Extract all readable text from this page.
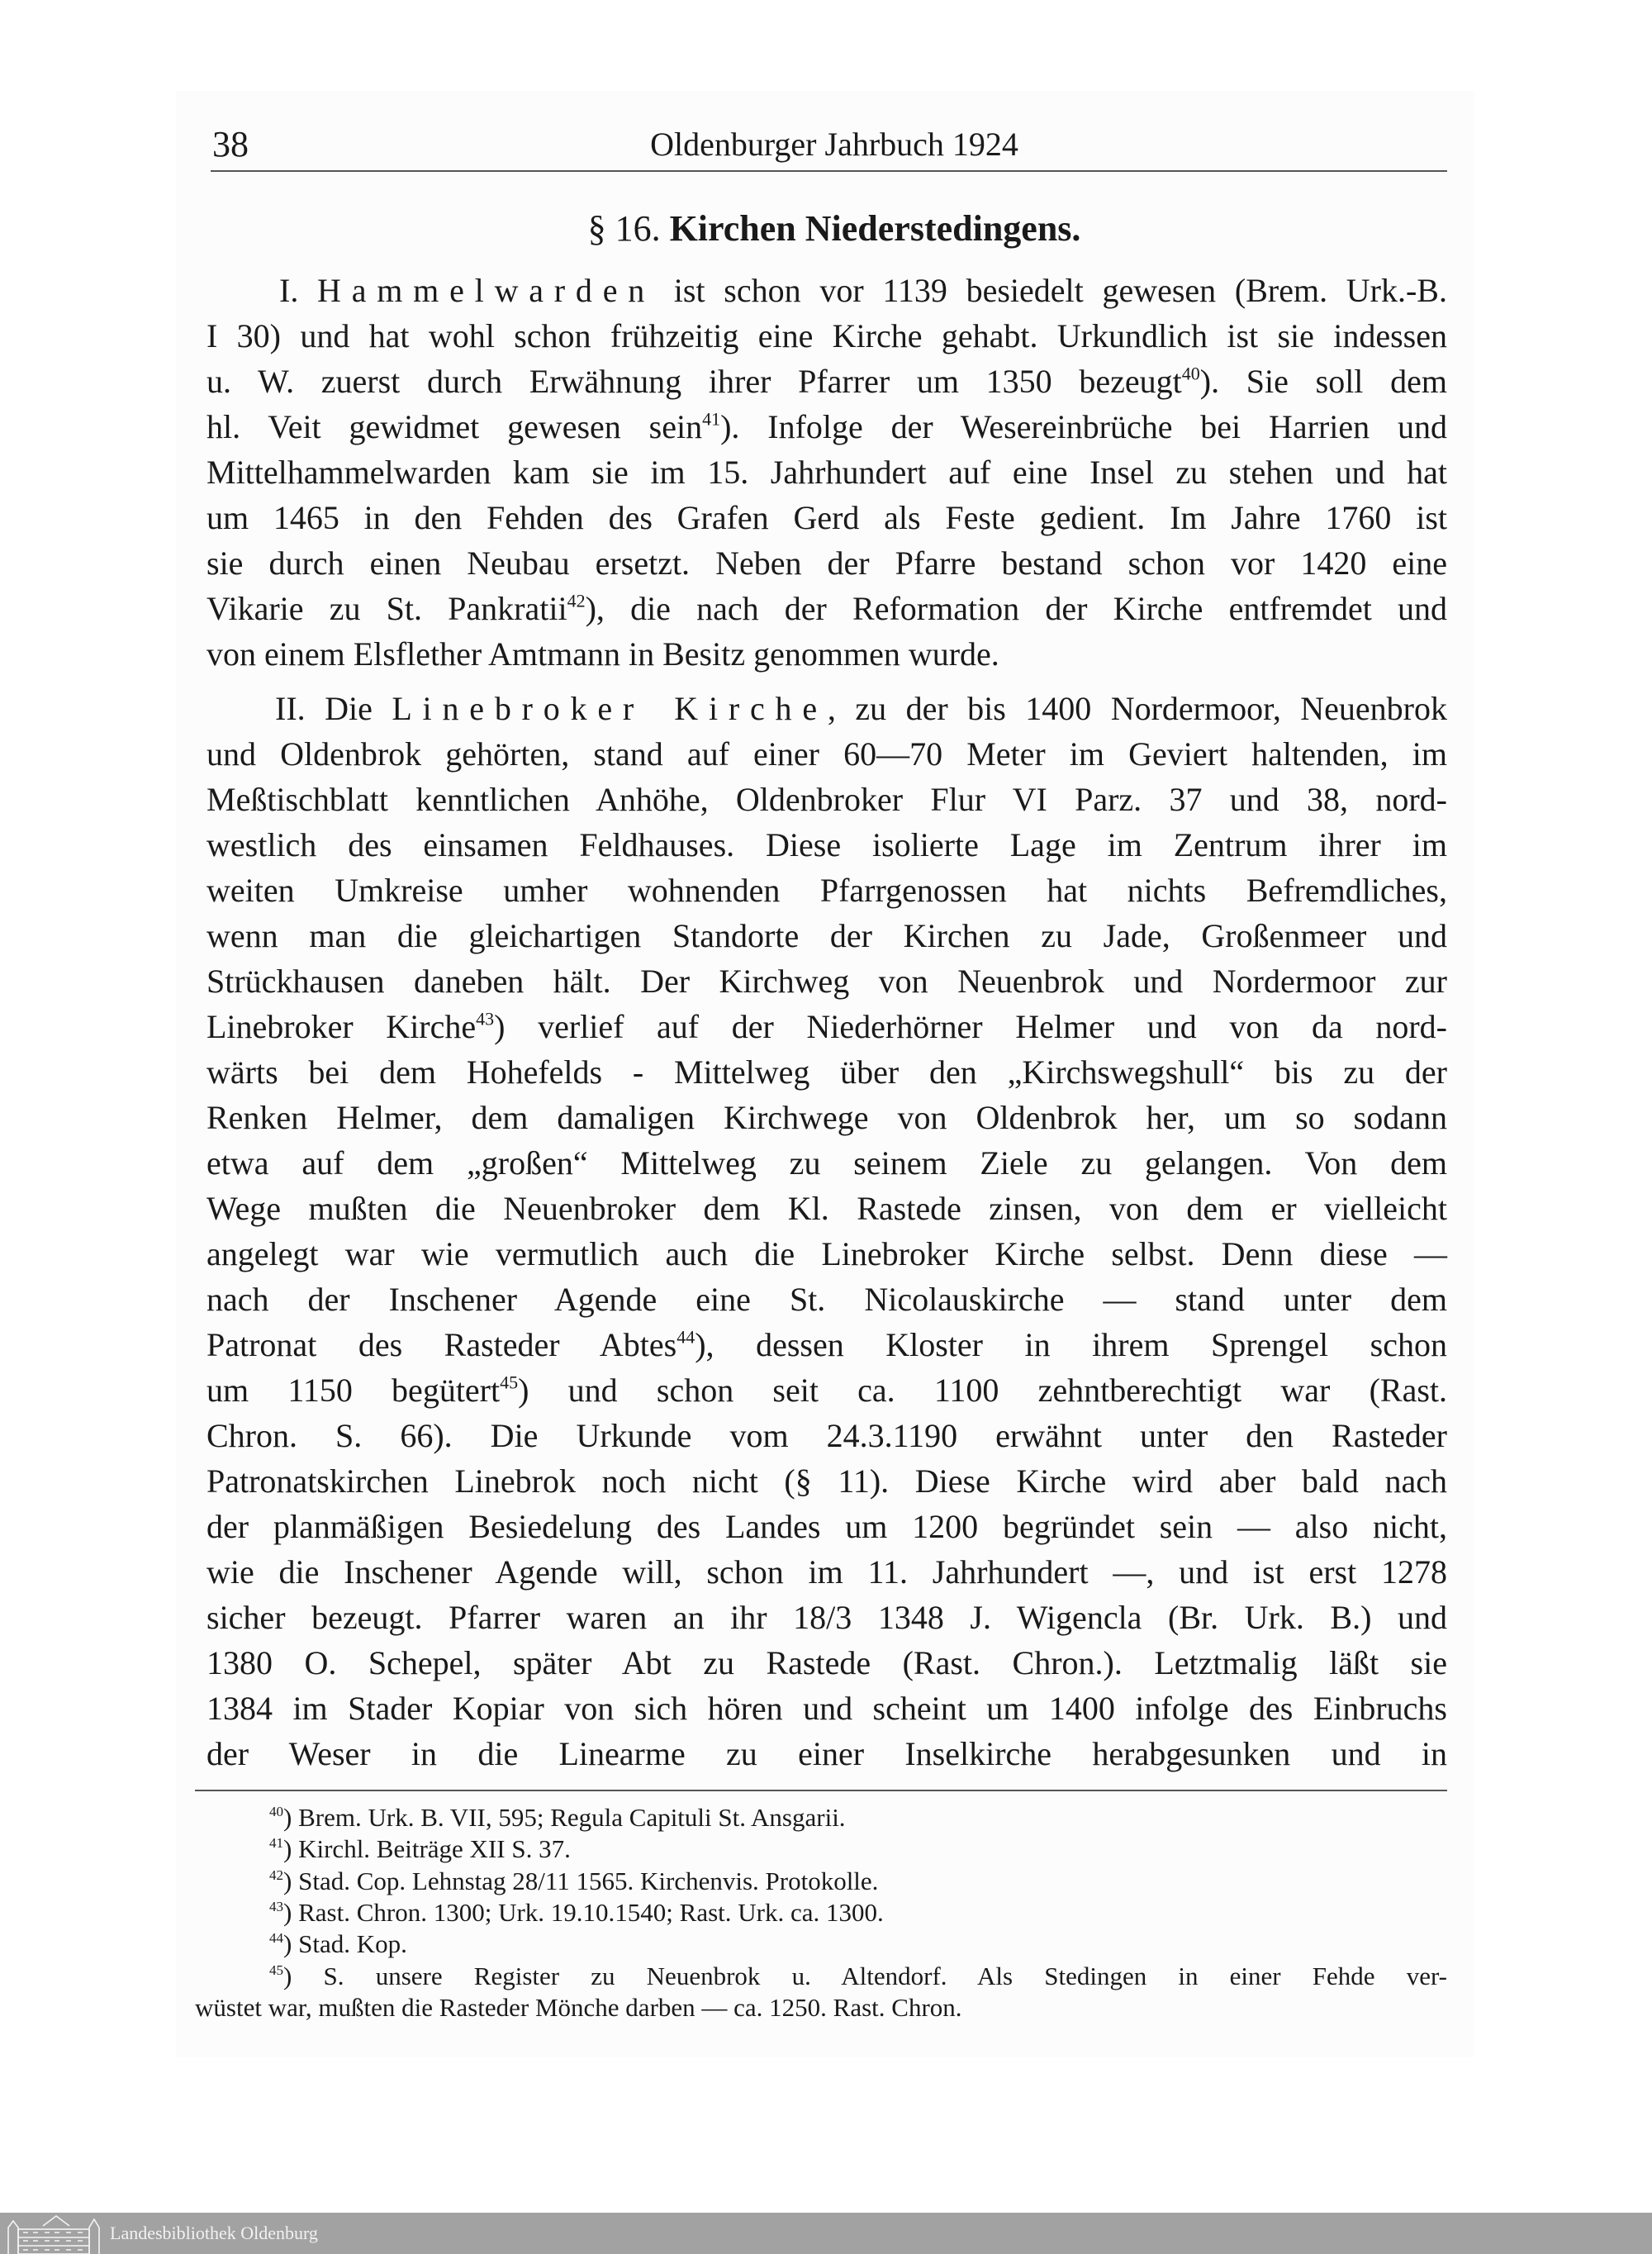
38	Oldenburger Jahrbuch 1924
§ 16. Kirchen Niederstedingens.
I. Hammelwarden ist schon vor 1139 besiedelt gewesen (Brem. Urk.-B.
I 30) und hat wohl schon frühzeitig eine Kirche gehabt. Urkundlich ist sie indessen
u. W. zuerst durch Erwähnung ihrer Pfarrer um 1350 bezeugt$^{40}$). Sie soll dem
hl. Veit gewidmet gewesen sein$^{41}$). Infolge der Wesereinbrüche bei Harrien und
Mittelhammelwarden kam sie im 15. Jahrhundert auf eine Insel zu stehen und hat
um 1465 in den Fehden des Grafen Gerd als Feste gedient. Im Jahre 1760 ist
sie durch einen Neubau ersetzt. Neben der Pfarre bestand schon vor 1420 eine
Vikarie zu St. Pankratii$^{42}$), die nach der Reformation der Kirche entfremdet und
von einem Elsflether Amtmann in Besitz genommen wurde.
II. Die Linebroker Kirche, zu der bis 1400 Nordermoor, Neuenbrok
und Oldenbrok gehörten, stand auf einer 60—70 Meter im Geviert haltenden, im
Meßtischblatt kenntlichen Anhöhe, Oldenbroker Flur VI Parz. 37 und 38, nord-
westlich des einsamen Feldhauses. Diese isolierte Lage im Zentrum ihrer im
weiten Umkreise umher wohnenden Pfarrgenossen hat nichts Befremdliches,
wenn man die gleichartigen Standorte der Kirchen zu Jade, Großenmeer und
Strückhausen daneben hält. Der Kirchweg von Neuenbrok und Nordermoor zur
Linebroker Kirche$^{43}$) verlief auf der Niederhörner Helmer und von da nord-
wärts bei dem Hohefelds - Mittelweg über den „Kirchswegshull“ bis zu der
Renken Helmer, dem damaligen Kirchwege von Oldenbrok her, um so sodann
etwa auf dem „großen“ Mittelweg zu seinem Ziele zu gelangen. Von dem
Wege mußten die Neuenbroker dem Kl. Rastede zinsen, von dem er vielleicht
angelegt war wie vermutlich auch die Linebroker Kirche selbst. Denn diese —
nach der Inschener Agende eine St. Nicolauskirche — stand unter dem
Patronat des Rasteder Abtes$^{44}$), dessen Kloster in ihrem Sprengel schon
um 1150 begütert$^{45}$) und schon seit ca. 1100 zehntberechtigt war (Rast.
Chron. S. 66). Die Urkunde vom 24.3.1190 erwähnt unter den Rasteder
Patronatskirchen Linebrok noch nicht (§ 11). Diese Kirche wird aber bald nach
der planmäßigen Besiedelung des Landes um 1200 begründet sein — also nicht,
wie die Inschener Agende will, schon im 11. Jahrhundert —, und ist erst 1278
sicher bezeugt. Pfarrer waren an ihr 18/3 1348 J. Wigencla (Br. Urk. B.) und
1380 O. Schepel, später Abt zu Rastede (Rast. Chron.). Letztmalig läßt sie
1384 im Stader Kopiar von sich hören und scheint um 1400 infolge des Einbruchs
der Weser in die Linearme zu einer Inselkirche herabgesunken und in
$^{40}$) Brem. Urk. B. VII, 595; Regula Capituli St. Ansgarii.
$^{41}$) Kirchl. Beiträge XII S. 37.
$^{42}$) Stad. Cop. Lehnstag 28/11 1565. Kirchenvis. Protokolle.
$^{43}$) Rast. Chron. 1300; Urk. 19.10.1540; Rast. Urk. ca. 1300.
$^{44}$) Stad. Kop.
$^{45}$) S. unsere Register zu Neuenbrok u. Altendorf. Als Stedingen in einer Fehde ver-
wüstet war, mußten die Rasteder Mönche darben — ca. 1250. Rast. Chron.
Landesbibliothek Oldenburg
